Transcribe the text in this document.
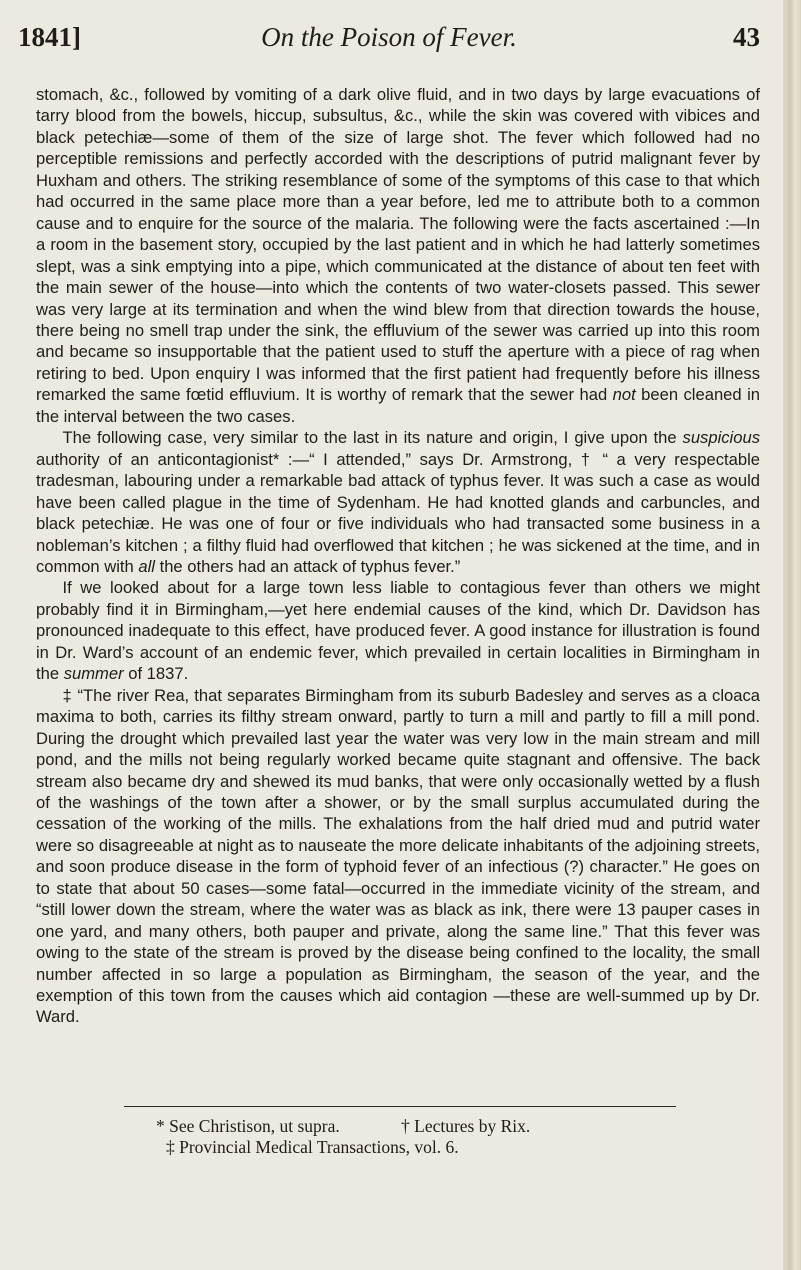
1841]	On the Poison of Fever.	43

stomach, &c., followed by vomiting of a dark olive fluid, and in two days by large evacuations of tarry blood from the bowels, hiccup, subsultus, &c., while the skin was covered with vibices and black petechiæ—some of them of the size of large shot. The fever which followed had no perceptible remissions and perfectly accorded with the descriptions of putrid malignant fever by Huxham and others. The striking resemblance of some of the symptoms of this case to that which had occurred in the same place more than a year before, led me to attribute both to a common cause and to enquire for the source of the malaria. The following were the facts ascertained :—In a room in the basement story, occupied by the last patient and in which he had latterly sometimes slept, was a sink emptying into a pipe, which communicated at the distance of about ten feet with the main sewer of the house—into which the contents of two water-closets passed. This sewer was very large at its termination and when the wind blew from that direction towards the house, there being no smell trap under the sink, the effluvium of the sewer was carried up into this room and became so insupportable that the patient used to stuff the aperture with a piece of rag when retiring to bed. Upon enquiry I was informed that the first patient had frequently before his illness remarked the same fœtid effluvium. It is worthy of remark that the sewer had not been cleaned in the interval between the two cases.

The following case, very similar to the last in its nature and origin, I give upon the suspicious authority of an anticontagionist* :—“ I attended,” says Dr. Armstrong, † “ a very respectable tradesman, labouring under a remarkable bad attack of typhus fever. It was such a case as would have been called plague in the time of Sydenham. He had knotted glands and carbuncles, and black petechiæ. He was one of four or five individuals who had transacted some business in a nobleman’s kitchen ; a filthy fluid had overflowed that kitchen ; he was sickened at the time, and in common with all the others had an attack of typhus fever.”

If we looked about for a large town less liable to contagious fever than others we might probably find it in Birmingham,—yet here endemial causes of the kind, which Dr. Davidson has pronounced inadequate to this effect, have produced fever. A good instance for illustration is found in Dr. Ward’s account of an endemic fever, which prevailed in certain localities in Birmingham in the summer of 1837.

‡ “The river Rea, that separates Birmingham from its suburb Badesley and serves as a cloaca maxima to both, carries its filthy stream onward, partly to turn a mill and partly to fill a mill pond. During the drought which prevailed last year the water was very low in the main stream and mill pond, and the mills not being regularly worked became quite stagnant and offensive. The back stream also became dry and shewed its mud banks, that were only occasionally wetted by a flush of the washings of the town after a shower, or by the small surplus accumulated during the cessation of the working of the mills. The exhalations from the half dried mud and putrid water were so disagreeable at night as to nauseate the more delicate inhabitants of the adjoining streets, and soon produce disease in the form of typhoid fever of an infectious (?) character.” He goes on to state that about 50 cases—some fatal—occurred in the immediate vicinity of the stream, and “still lower down the stream, where the water was as black as ink, there were 13 pauper cases in one yard, and many others, both pauper and private, along the same line.” That this fever was owing to the state of the stream is proved by the disease being confined to the locality, the small number affected in so large a population as Birmingham, the season of the year, and the exemption of this town from the causes which aid contagion —these are well-summed up by Dr. Ward.

* See Christison, ut supra.	† Lectures by Rix.
‡ Provincial Medical Transactions, vol. 6.
